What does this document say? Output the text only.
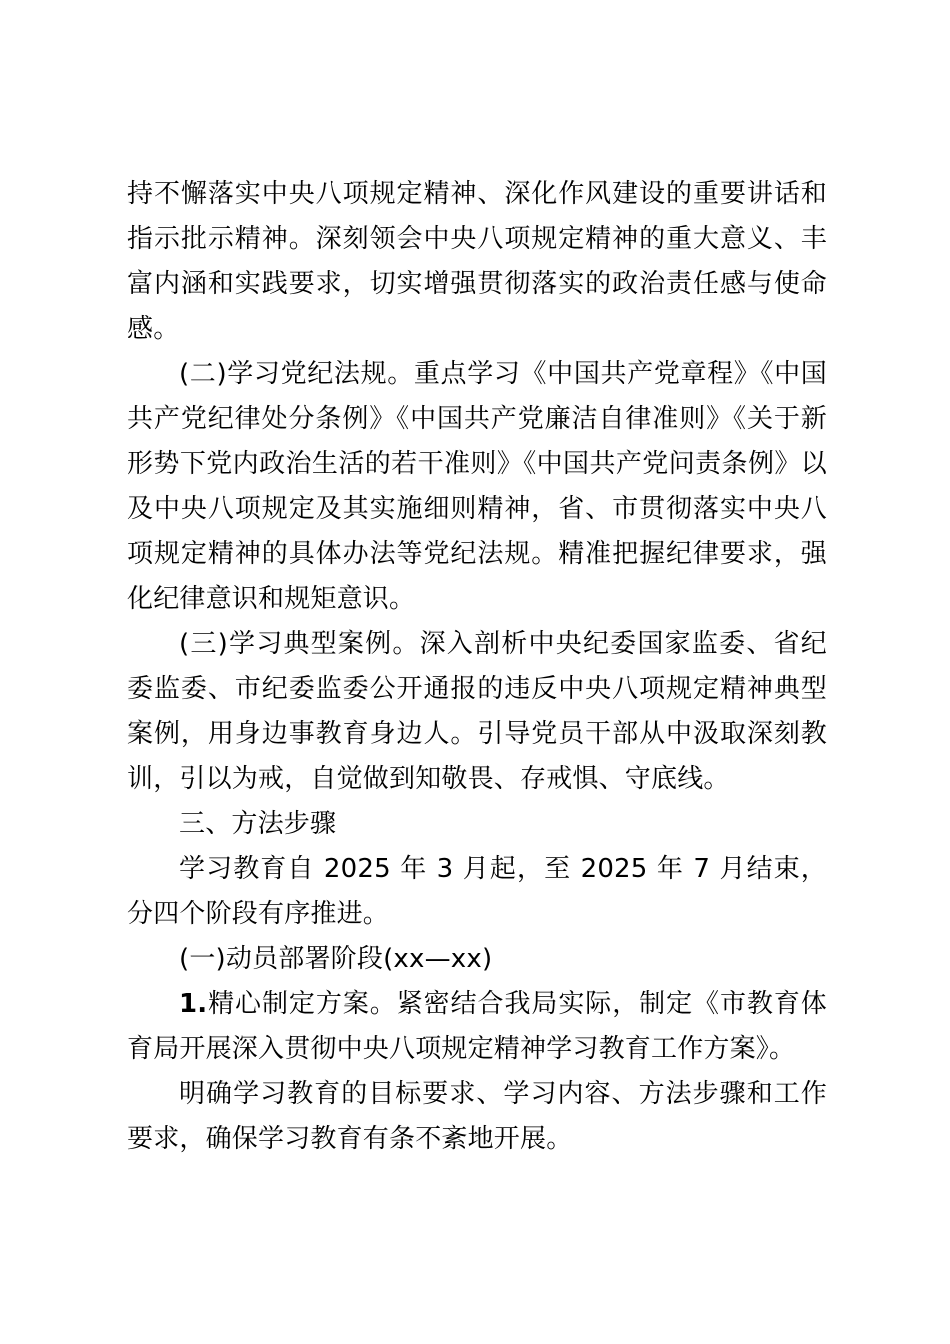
持不懈落实中央八项规定精神、深化作风建设的重要讲话和指示批示精神。深刻领会中央八项规定精神的重大意义、丰富内涵和实践要求，切实增强贯彻落实的政治责任感与使命感。

(二)学习党纪法规。重点学习《中国共产党章程》《中国共产党纪律处分条例》《中国共产党廉洁自律准则》《关于新形势下党内政治生活的若干准则》《中国共产党问责条例》以及中央八项规定及其实施细则精神，省、市贯彻落实中央八项规定精神的具体办法等党纪法规。精准把握纪律要求，强化纪律意识和规矩意识。

(三)学习典型案例。深入剖析中央纪委国家监委、省纪委监委、市纪委监委公开通报的违反中央八项规定精神典型案例，用身边事教育身边人。引导党员干部从中汲取深刻教训，引以为戒，自觉做到知敬畏、存戒惧、守底线。

三、方法步骤

学习教育自 2025 年 3 月起，至 2025 年 7 月结束，分四个阶段有序推进。

(一)动员部署阶段(xx—xx)

1.精心制定方案。紧密结合我局实际，制定《市教育体育局开展深入贯彻中央八项规定精神学习教育工作方案》。

明确学习教育的目标要求、学习内容、方法步骤和工作要求，确保学习教育有条不紊地开展。
